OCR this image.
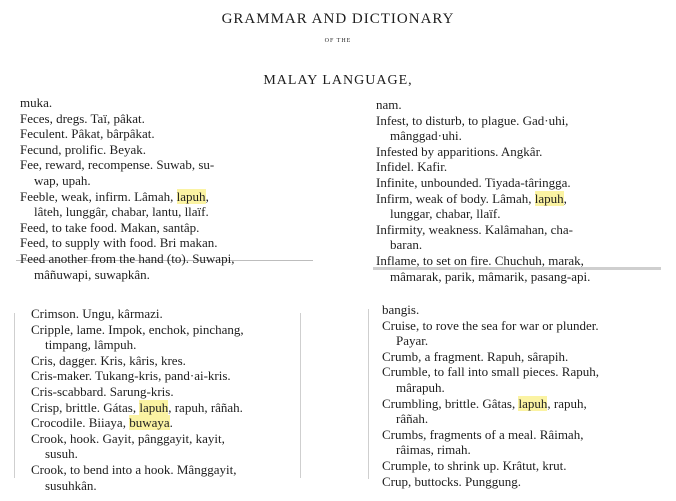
GRAMMAR AND DICTIONARY
OF THE
MALAY LANGUAGE,
muka.
Feces, dregs. Taï, pâkat.
Feculent. Pâkat, bârpâkat.
Fecund, prolific. Beyak.
Fee, reward, recompense. Suwab, su-
wap, upah.
Feeble, weak, infirm. Lâmah, lapuh,
lâteh, lunggâr, chabar, lantu, llaïf.
Feed, to take food. Makan, santâp.
Feed, to supply with food. Bri makan.
Feed another from the hand (to). Suwapi,
mâñuwapi, suwapkân.
nam.
Infest, to disturb, to plague. Gad·uhi,
mânggad·uhi.
Infested by apparitions. Angkâr.
Infidel. Kafir.
Infinite, unbounded. Tiyada-târingga.
Infirm, weak of body. Lâmah, lapuh,
lunggar, chabar, llaïf.
Infirmity, weakness. Kalâmahan, cha-
baran.
Inflame, to set on fire. Chuchuh, marak,
mâmarak, parik, mâmarik, pasang-api.
Crimson. Ungu, kârmazi.
Cripple, lame. Impok, enchok, pinchang,
timpang, lâmpuh.
Cris, dagger. Kris, kâris, kres.
Cris-maker. Tukang-kris, pand·ai-kris.
Cris-scabbard. Sarung-kris.
Crisp, brittle. Gátas, lapuh, rapuh, râñah.
Crocodile. Biiaya, buwaya.
Crook, hook. Gayit, pânggayit, kayit,
susuh.
Crook, to bend into a hook. Mânggayit,
susuhkân.
bangis.
Cruise, to rove the sea for war or plunder.
Payar.
Crumb, a fragment. Rapuh, sârapih.
Crumble, to fall into small pieces. Rapuh,
mârapuh.
Crumbling, brittle. Gâtas, lapuh, rapuh,
râñah.
Crumbs, fragments of a meal. Râimah,
râimas, rimah.
Crumple, to shrink up. Krâtut, krut.
Crup, buttocks. Punggung.
